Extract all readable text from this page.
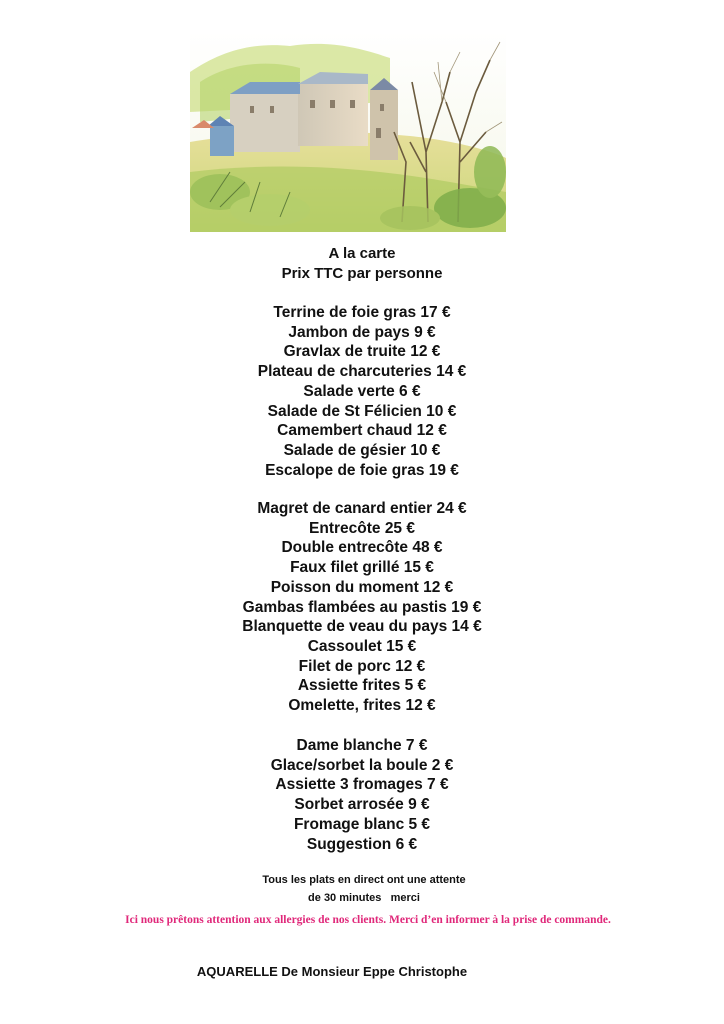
A la carte
Prix TTC par personne
Terrine de foie gras 17 €
Jambon de pays 9 €
Gravlax de truite 12 €
Plateau de charcuteries 14 €
Salade verte 6 €
Salade de St Félicien 10 €
Camembert chaud 12 €
Salade de gésier 10 €
Escalope de foie gras 19 €
Magret de canard entier 24 €
Entrecôte 25 €
Double entrecôte 48 €
Faux filet grillé 15 €
Poisson du moment 12 €
Gambas flambées au pastis 19 €
Blanquette de veau du pays 14 €
Cassoulet 15 €
Filet de porc 12 €
Assiette frites 5 €
Omelette, frites 12 €
Dame blanche 7 €
Glace/sorbet la boule 2 €
Assiette 3 fromages 7 €
Sorbet arrosée 9 €
Fromage blanc 5 €
Suggestion 6 €
Tous les plats en direct ont une attente
de 30 minutes   merci
Ici nous prêtons attention aux allergies de nos clients. Merci d’en informer à la prise de commande.
AQUARELLE De Monsieur Eppe Christophe
